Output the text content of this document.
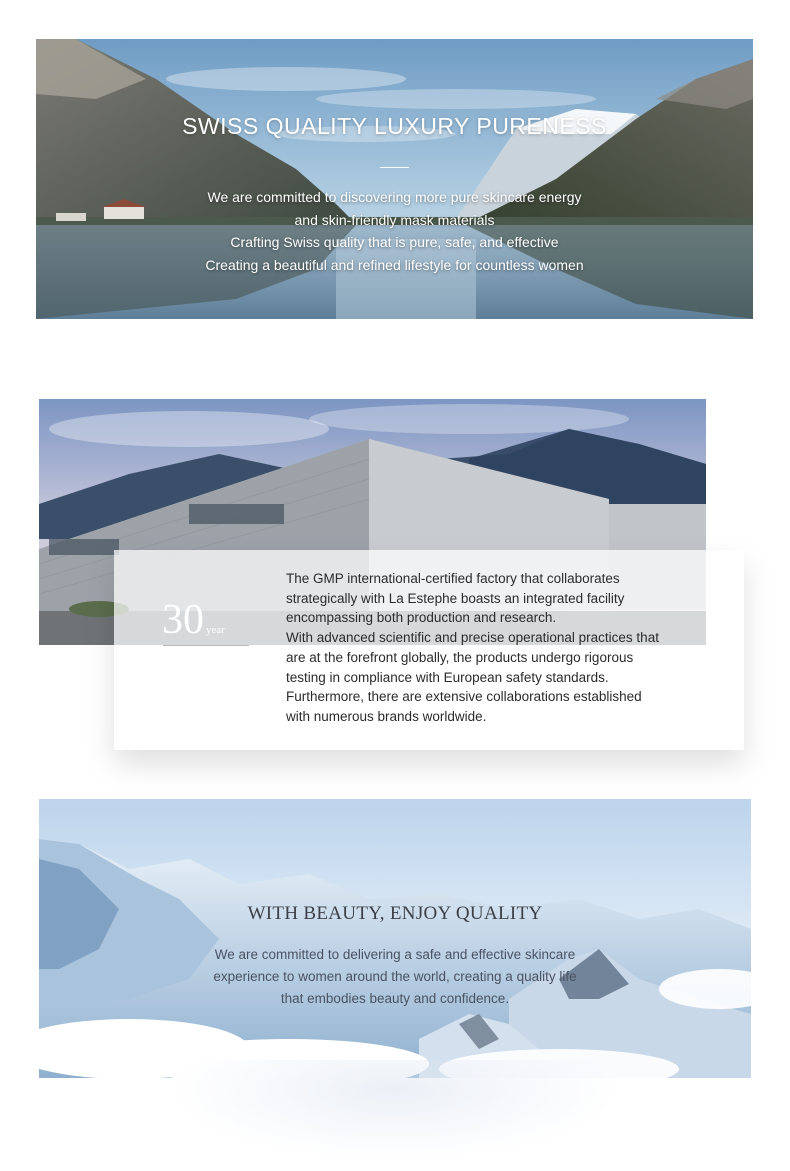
SWISS QUALITY LUXURY PURENESS
We are committed to discovering more pure skincare energy
and skin-friendly mask materials
Crafting Swiss quality that is pure, safe, and effective
Creating a beautiful and refined lifestyle for countless women
30 year

The GMP international-certified factory that collaborates

strategically with La Estephe boasts an integrated facility

encompassing both production and research.

With advanced scientific and precise operational practices that

are at the forefront globally, the products undergo rigorous

testing in compliance with European safety standards.

Furthermore, there are extensive collaborations established

with numerous brands worldwide.

WITH BEAUTY, ENJOY QUALITY
We are committed to delivering a safe and effective skincare
experience to women around the world, creating a quality life
that embodies beauty and confidence.
